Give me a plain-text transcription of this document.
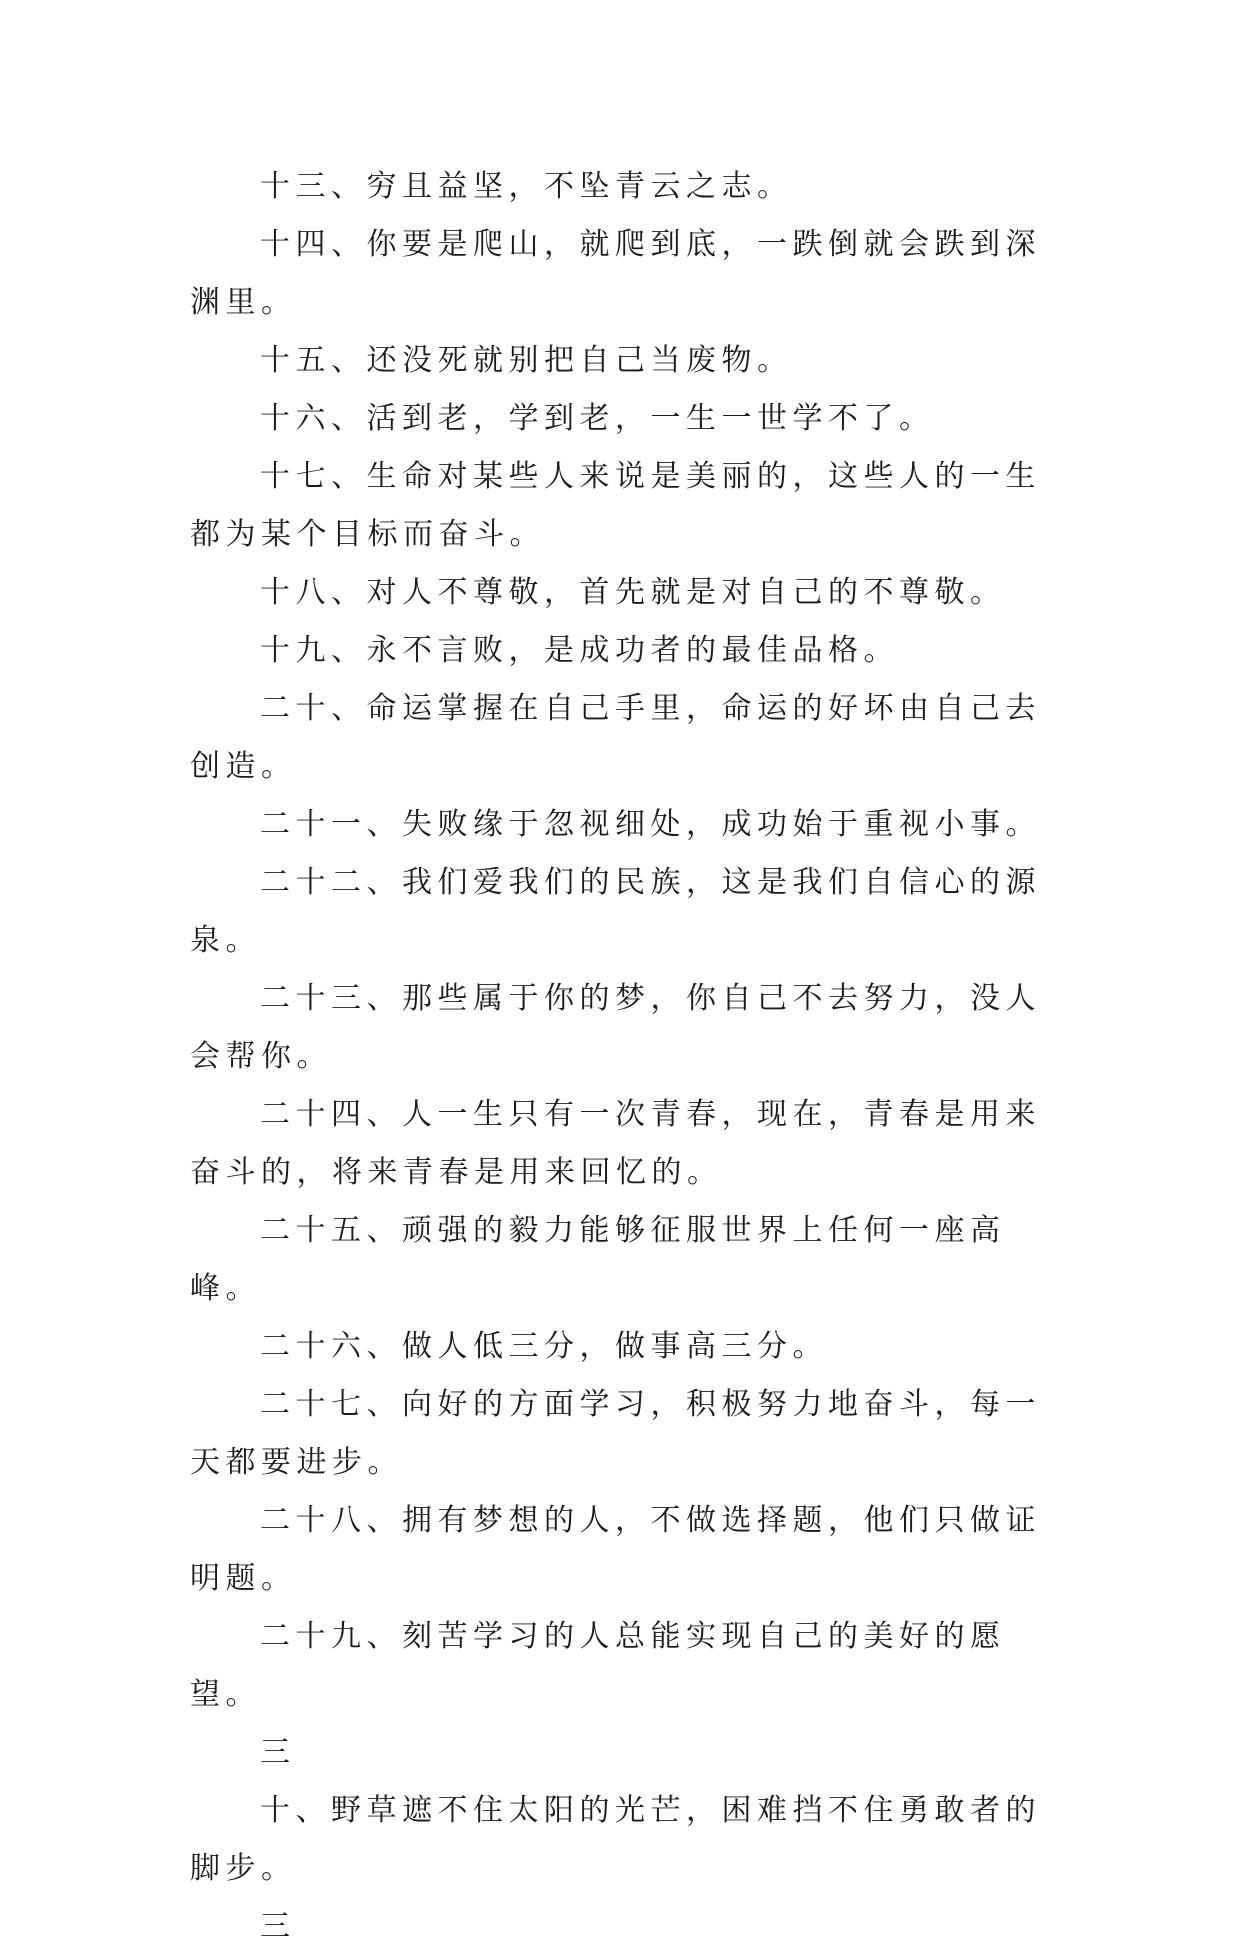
十三、穷且益坚，不坠青云之志。

十四、你要是爬山，就爬到底，一跌倒就会跌到深渊里。

十五、还没死就别把自己当废物。

十六、活到老，学到老，一生一世学不了。

十七、生命对某些人来说是美丽的，这些人的一生都为某个目标而奋斗。

十八、对人不尊敬，首先就是对自己的不尊敬。

十九、永不言败，是成功者的最佳品格。

二十、命运掌握在自己手里，命运的好坏由自己去创造。

二十一、失败缘于忽视细处，成功始于重视小事。

二十二、我们爱我们的民族，这是我们自信心的源泉。

二十三、那些属于你的梦，你自己不去努力，没人会帮你。

二十四、人一生只有一次青春，现在，青春是用来奋斗的，将来青春是用来回忆的。

二十五、顽强的毅力能够征服世界上任何一座高峰。

二十六、做人低三分，做事高三分。

二十七、向好的方面学习，积极努力地奋斗，每一天都要进步。

二十八、拥有梦想的人，不做选择题，他们只做证明题。

二十九、刻苦学习的人总能实现自己的美好的愿望。

三

十、野草遮不住太阳的光芒，困难挡不住勇敢者的脚步。

三
